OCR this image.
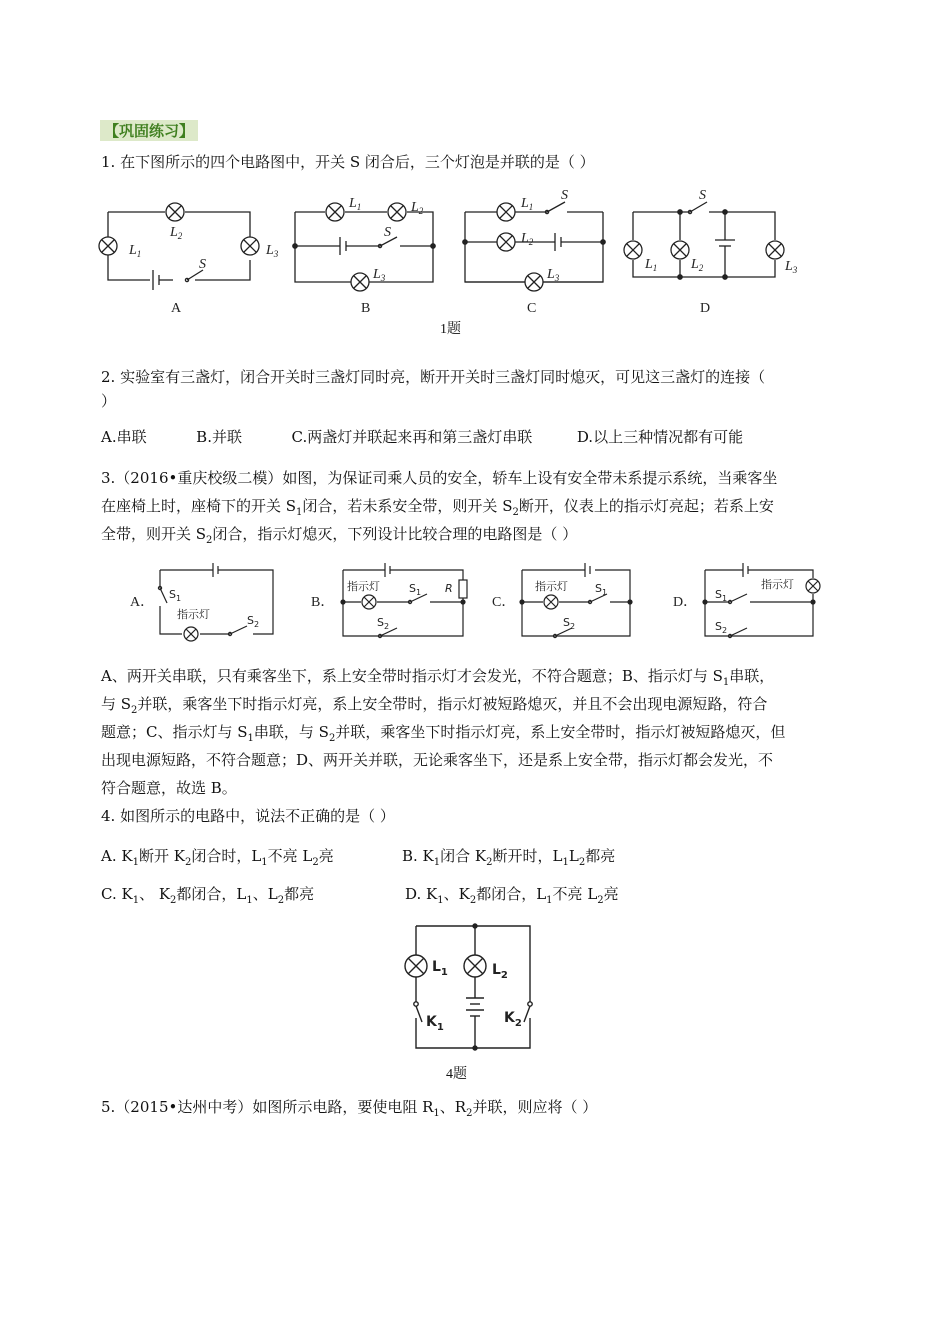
【巩固练习】
1. 在下图所示的四个电路图中，开关 S 闭合后，三个灯泡是并联的是（ ）
$L_1$
$L_2$
$L_3$
S
$L_1$	$L_2$
S
$L_3$
$L_1$
S
$L_2$
$L_3$
S
$L_1$ $L_2$	$L_3$
A	B	C	D
1题
2. 实验室有三盏灯，闭合开关时三盏灯同时亮，断开开关时三盏灯同时熄灭，可见这三盏灯的连接（
）
A.串联	B.并联	C.两盏灯并联起来再和第三盏灯串联	D.以上三种情况都有可能
3.（2016•重庆校级二模）如图，为保证司乘人员的安全，轿车上设有安全带未系提示系统，当乘客坐
在座椅上时，座椅下的开关 $S_1$闭合，若未系安全带，则开关 $S_2$断开，仪表上的指示灯亮起；若系上安
全带，则开关 $S_2$闭合，指示灯熄灭，下列设计比较合理的电路图是（ ）
$S_1$
指示灯	$S_2$
指示灯	$S_1$ R
$S_2$
指示灯 $S_1$
$S_2$
指示灯
$S_1$
$S_2$
A．	B．	C．	D．
A、两开关串联，只有乘客坐下，系上安全带时指示灯才会发光，不符合题意；B、指示灯与 $S_1$串联，
与 $S_2$并联，乘客坐下时指示灯亮，系上安全带时，指示灯被短路熄灭，并且不会出现电源短路，符合
题意；C、指示灯与 $S_1$串联，与 $S_2$并联，乘客坐下时指示灯亮，系上安全带时，指示灯被短路熄灭，但
出现电源短路，不符合题意；D、两开关并联，无论乘客坐下，还是系上安全带，指示灯都会发光，不
符合题意，故选 B。
4. 如图所示的电路中，说法不正确的是（ ）
A. $K_1$断开 $K_2$闭合时，$L_1$不亮 $L_2$亮	B. $K_1$闭合 $K_2$断开时，$L_1L_2$都亮
C. $K_1$、 $K_2$都闭合，$L_1$、$L_2$都亮	D. $K_1$、$K_2$都闭合，$L_1$不亮 $L_2$亮
$L_1$	$L_2$
$K_1$
$K_2$
4题
5.（2015•达州中考）如图所示电路，要使电阻 $R_1$、$R_2$并联，则应将（ ）
